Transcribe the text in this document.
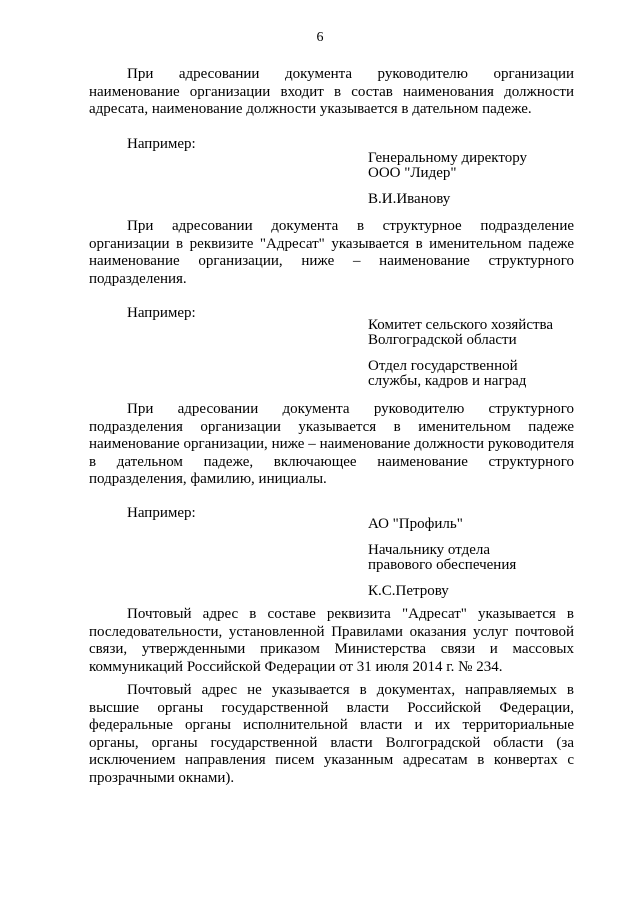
6
При адресовании документа руководителю организации наименование организации входит в состав наименования должности адресата, наименование должности указывается в дательном падеже.
Например:
Генеральному директору
ООО "Лидер"
В.И.Иванову
При адресовании документа в структурное подразделение организации в реквизите "Адресат" указывается в именительном падеже наименование организации, ниже – наименование структурного подразделения.
Например:
Комитет сельского хозяйства
Волгоградской области
Отдел государственной
службы, кадров и наград
При адресовании документа руководителю структурного подразделения организации указывается в именительном падеже наименование организации, ниже – наименование должности руководителя в дательном падеже, включающее наименование структурного подразделения, фамилию, инициалы.
Например:
АО "Профиль"
Начальнику отдела
правового обеспечения
К.С.Петрову
Почтовый адрес в составе реквизита "Адресат" указывается в последовательности, установленной Правилами оказания услуг почтовой связи, утвержденными приказом Министерства связи и массовых коммуникаций Российской Федерации от 31 июля 2014 г. № 234.
Почтовый адрес не указывается в документах, направляемых в высшие органы государственной власти Российской Федерации, федеральные органы исполнительной власти и их территориальные органы, органы государственной власти Волгоградской области (за исключением направления писем указанным адресатам в конвертах с прозрачными окнами).
